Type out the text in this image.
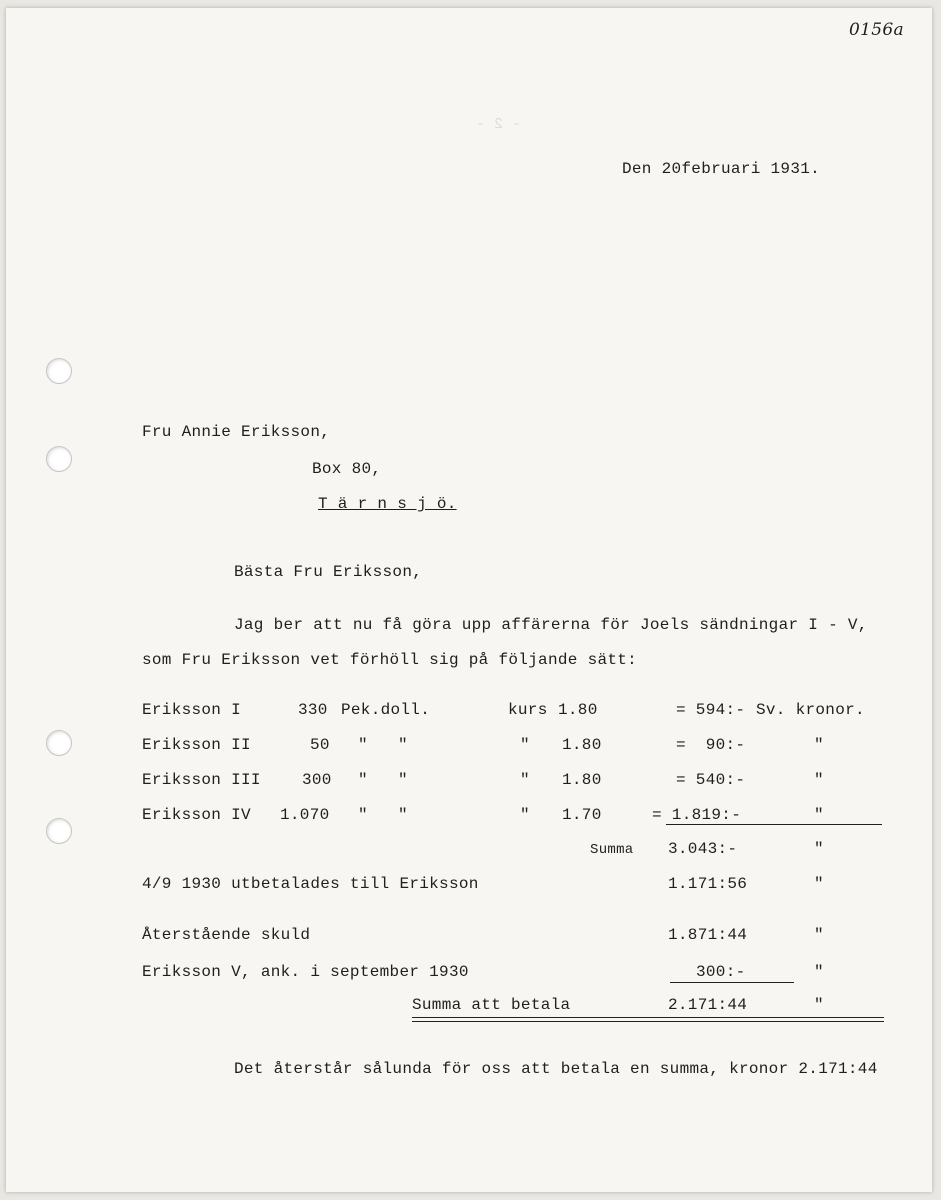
- 2 -

0156a
Den 20februari 1931.
Fru Annie Eriksson,
Box 80,
T ä r n s j ö.
Bästa Fru Eriksson,
Jag ber att nu få göra upp affärerna för Joels sändningar I - V,
som Fru Eriksson vet förhöll sig på följande sätt:
Eriksson I	330 Pek.doll.	kurs 1.80	= 594:- Sv. kronor.
Eriksson II	50 " "	" 1.80	=  90:-	"
Eriksson III	300 " "	" 1.80	= 540:-	"
Eriksson IV 1.070 " "	" 1.70	= 1.819:-	"
Summa 3.043:-	"
4/9 1930 utbetalades till Eriksson	1.171:56	"
Återstående skuld	1.871:44	"
Eriksson V, ank. i september 1930	300:-	"
Summa att betala	2.171:44	"
Det återstår sålunda för oss att betala en summa, kronor 2.171:44
